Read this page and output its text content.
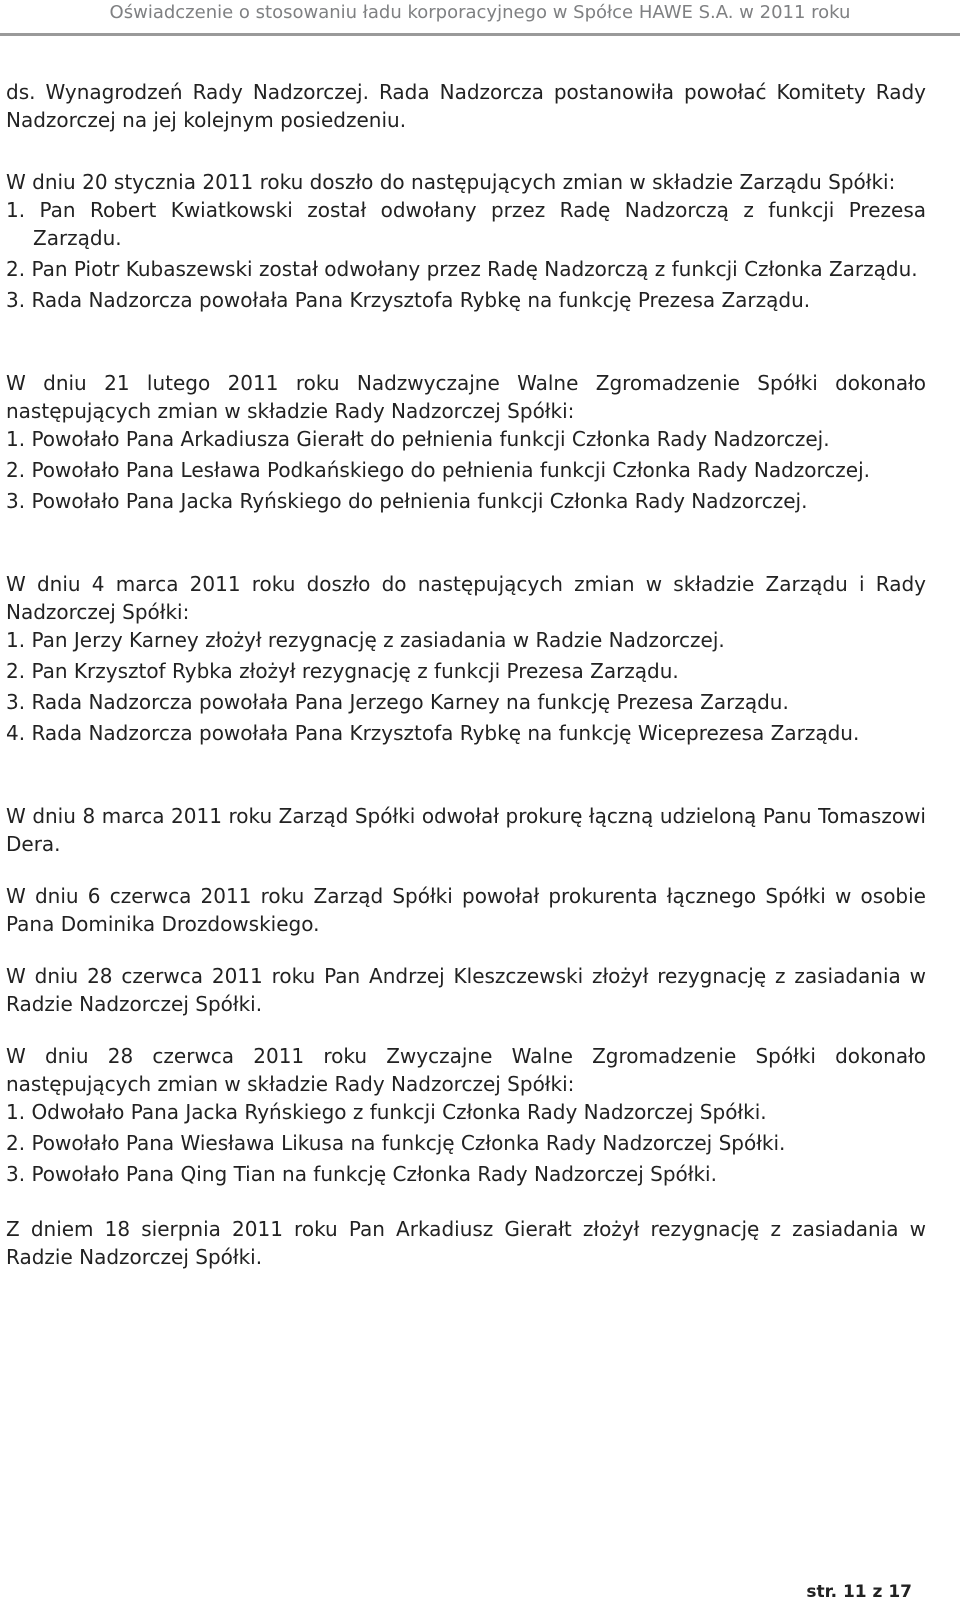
Oświadczenie o stosowaniu ładu korporacyjnego w Spółce HAWE S.A. w 2011 roku

ds. Wynagrodzeń Rady Nadzorczej. Rada Nadzorcza postanowiła powołać Komitety Rady Nadzorczej na jej kolejnym posiedzeniu.

W dniu 20 stycznia 2011 roku doszło do następujących zmian w składzie Zarządu Spółki:

1. Pan Robert Kwiatkowski został odwołany przez Radę Nadzorczą z funkcji Prezesa Zarządu.

2. Pan Piotr Kubaszewski został odwołany przez Radę Nadzorczą z funkcji Członka Zarządu.

3. Rada Nadzorcza powołała Pana Krzysztofa Rybkę na funkcję Prezesa Zarządu.

W dniu 21 lutego 2011 roku Nadzwyczajne Walne Zgromadzenie Spółki dokonało następujących zmian w składzie Rady Nadzorczej Spółki:

1. Powołało Pana Arkadiusza Gierałt do pełnienia funkcji Członka Rady Nadzorczej.

2. Powołało Pana Lesława Podkańskiego do pełnienia funkcji Członka Rady Nadzorczej.

3. Powołało Pana Jacka Ryńskiego do pełnienia funkcji Członka Rady Nadzorczej.

W dniu 4 marca 2011 roku doszło do następujących zmian w składzie Zarządu i Rady Nadzorczej Spółki:

1. Pan Jerzy Karney złożył rezygnację z zasiadania w Radzie Nadzorczej.

2. Pan Krzysztof Rybka złożył rezygnację z funkcji Prezesa Zarządu.

3. Rada Nadzorcza powołała Pana Jerzego Karney na funkcję Prezesa Zarządu.

4. Rada Nadzorcza powołała Pana Krzysztofa Rybkę na funkcję Wiceprezesa Zarządu.

W dniu 8 marca 2011 roku Zarząd Spółki odwołał prokurę łączną udzieloną Panu Tomaszowi Dera.

W dniu 6 czerwca 2011 roku Zarząd Spółki powołał prokurenta łącznego Spółki w osobie Pana Dominika Drozdowskiego.

W dniu 28 czerwca 2011 roku Pan Andrzej Kleszczewski złożył rezygnację z zasiadania w Radzie Nadzorczej Spółki.

W dniu 28 czerwca 2011 roku Zwyczajne Walne Zgromadzenie Spółki dokonało następujących zmian w składzie Rady Nadzorczej Spółki:

1. Odwołało Pana Jacka Ryńskiego z funkcji Członka Rady Nadzorczej Spółki.

2. Powołało Pana Wiesława Likusa na funkcję Członka Rady Nadzorczej Spółki.

3. Powołało Pana Qing Tian na funkcję Członka Rady Nadzorczej Spółki.

Z dniem 18 sierpnia 2011 roku Pan Arkadiusz Gierałt złożył rezygnację z zasiadania w Radzie Nadzorczej Spółki.

str. 11 z 17
